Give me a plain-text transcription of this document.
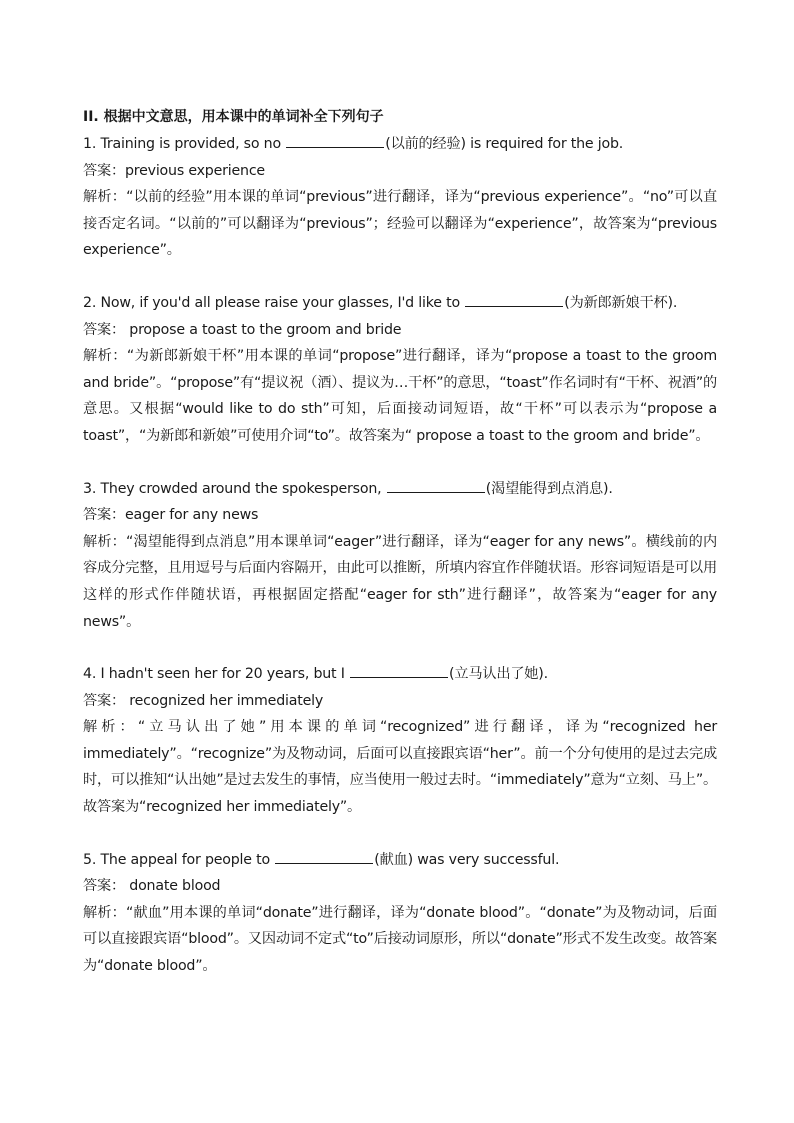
II. 根据中文意思，用本课中的单词补全下列句子
1. Training is provided, so no	(以前的经验) is required for the job.
答案：previous experience
解析：“以前的经验”用本课的单词“previous”进行翻译，译为“previous experience”。“no”可以直接否定名词。“以前的”可以翻译为“previous”；经验可以翻译为“experience”，故答案为“previous experience”。
2. Now, if you'd all please raise your glasses, I'd like to	(为新郎新娘干杯).
答案： propose a toast to the groom and bride
解析：“为新郎新娘干杯”用本课的单词“propose”进行翻译，译为“propose a toast to the groom and bride”。“propose”有“提议祝（酒）、提议为…干杯”的意思，“toast”作名词时有“干杯、祝酒”的意思。又根据“would like to do sth”可知，后面接动词短语，故“干杯”可以表示为“propose a toast”，“为新郎和新娘”可使用介词“to”。故答案为“ propose a toast to the groom and bride”。
3. They crowded around the spokesperson,	(渴望能得到点消息).
答案：eager for any news
解析：“渴望能得到点消息”用本课单词“eager”进行翻译，译为“eager for any news”。横线前的内容成分完整，且用逗号与后面内容隔开，由此可以推断，所填内容宜作伴随状语。形容词短语是可以用这样的形式作伴随状语，再根据固定搭配“eager for sth”进行翻译”，故答案为“eager for any news”。
4. I hadn't seen her for 20 years, but I	(立马认出了她).
答案： recognized her immediately
解析：“立马认出了她”用本课的单词“recognized”进行翻译，译为“recognized her immediately”。“recognize”为及物动词，后面可以直接跟宾语“her”。前一个分句使用的是过去完成时，可以推知“认出她”是过去发生的事情，应当使用一般过去时。“immediately”意为“立刻、马上”。故答案为“recognized her immediately”。
5. The appeal for people to	(献血) was very successful.
答案： donate blood
解析：“献血”用本课的单词“donate”进行翻译，译为“donate blood”。“donate”为及物动词，后面可以直接跟宾语“blood”。又因动词不定式“to”后接动词原形，所以“donate”形式不发生改变。故答案为“donate blood”。
